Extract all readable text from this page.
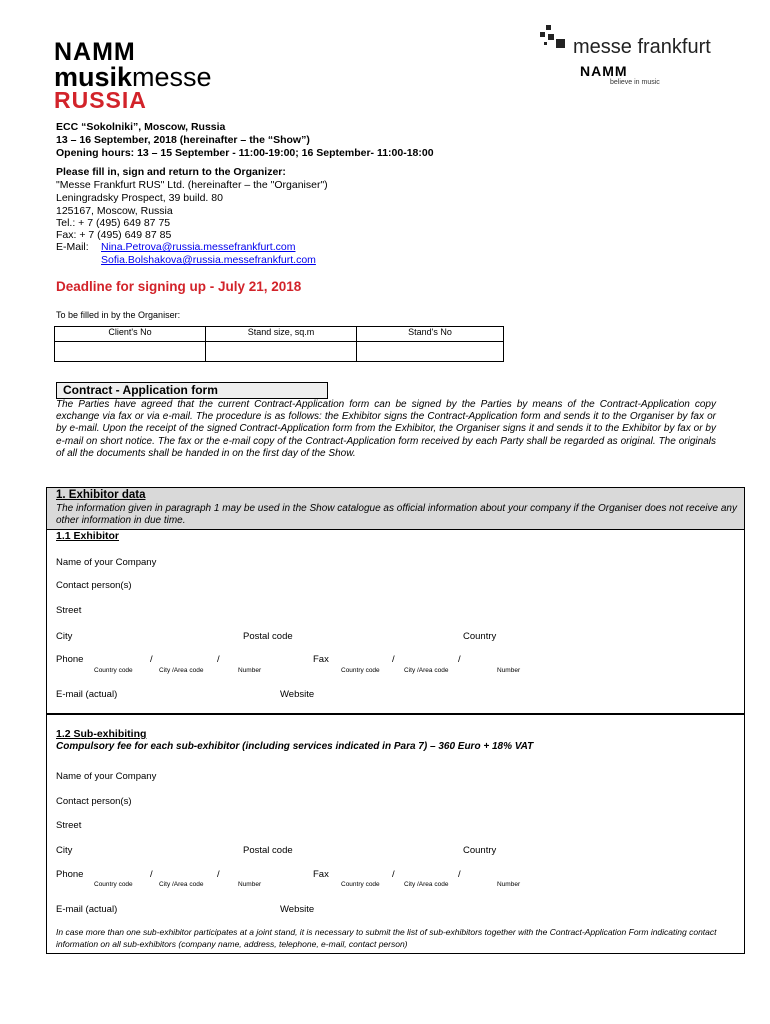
NAMM
musikmesse
RUSSIA
messe frankfurt
NAMM
believe in music
ECC “Sokolniki”, Moscow, Russia
13 – 16 September, 2018 (hereinafter – the “Show”)
Opening hours: 13 – 15 September - 11:00-19:00; 16 September- 11:00-18:00
Please fill in, sign and return to the Organizer:
"Messe Frankfurt RUS" Ltd. (hereinafter – the "Organiser")
Leningradsky Prospect, 39 build. 80
125167, Moscow, Russia
Tel.: + 7 (495) 649 87 75
Fax: + 7 (495) 649 87 85
E-Mail: Nina.Petrova@russia.messefrankfurt.com
Sofia.Bolshakova@russia.messefrankfurt.com
Deadline for signing up - July 21, 2018
To be filled in by the Organiser:
Client's No	Stand size, sq.m	Stand's No

Contract - Application form
The Parties have agreed that the current Contract-Application form can be signed by the Parties by means of the Contract-Application copy exchange via fax or via e-mail. The procedure is as follows: the Exhibitor signs the Contract-Application form and sends it to the Organiser by fax or by e-mail. Upon the receipt of the signed Contract-Application form from the Exhibitor, the Organiser signs it and sends it to the Exhibitor by fax or by e-mail on short notice. The fax or the e-mail copy of the Contract-Application form received by each Party shall be regarded as original. The originals of all the documents shall be handed in on the first day of the Show.
1. Exhibitor data
The information given in paragraph 1 may be used in the Show catalogue as official information about your company if the Organiser does not receive any other information in due time.
1.1 Exhibitor
Name of your Company
Contact person(s)
Street
City	Postal code	Country
Phone	/	/	Fax	/	/
Country code	City /Area code	Number	Country code	City /Area code	Number
E-mail (actual)	Website
1.2 Sub-exhibiting
Compulsory fee for each sub-exhibitor (including services indicated in Para 7) – 360 Euro + 18% VAT
Name of your Company
Contact person(s)
Street
City	Postal code	Country
Phone	/	/	Fax	/	/
Country code	City /Area code	Number	Country code	City /Area code	Number
E-mail (actual)	Website
In case more than one sub-exhibitor participates at a joint stand, it is necessary to submit the list of sub-exhibitors together with the Contract-Application Form indicating contact information on all sub-exhibitors (company name, address, telephone, e-mail, contact person)
